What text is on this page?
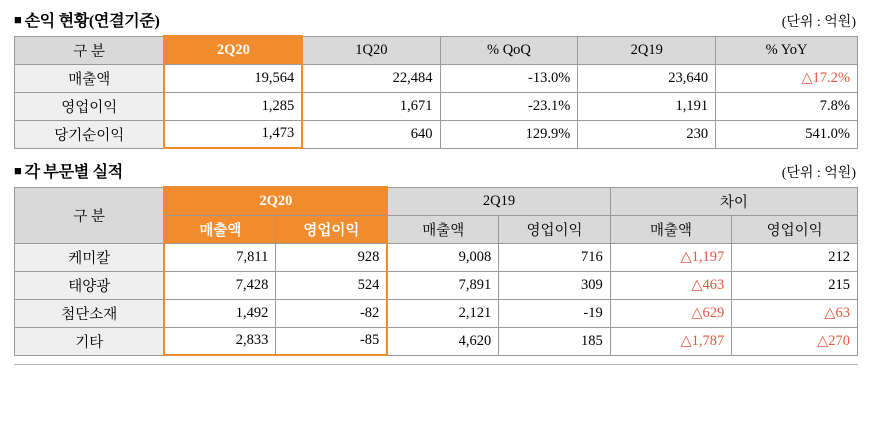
■ 손익 현황(연결기준)	(단위 : 억원)
구 분	2Q20	1Q20	% QoQ	2Q19	% YoY
매출액	19,564	22,484	-13.0%	23,640	△17.2%
영업이익	1,285	1,671	-23.1%	1,191	7.8%
당기순이익	1,473	640	129.9%	230	541.0%
■ 각 부문별 실적	(단위 : 억원)
구 분	2Q20		2Q19		차이	
	매출액	영업이익	매출액	영업이익	매출액	영업이익
케미칼	7,811	928	9,008	716	△1,197	212
태양광	7,428	524	7,891	309	△463	215
첨단소재	1,492	-82	2,121	-19	△629	△63
기타	2,833	-85	4,620	185	△1,787	△270
